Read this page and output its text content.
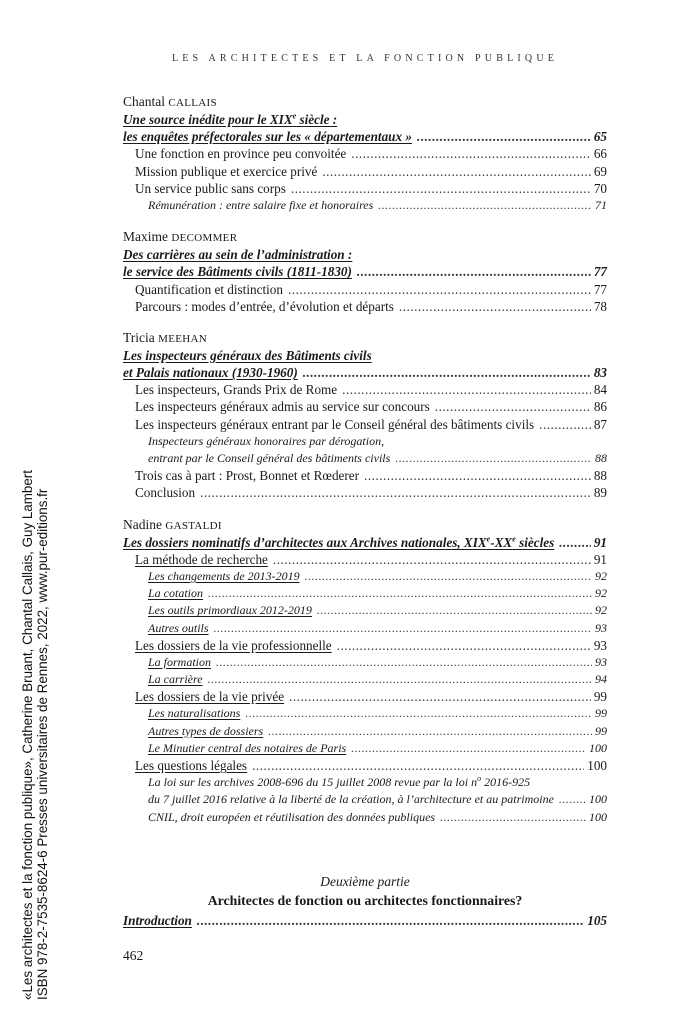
LES ARCHITECTES ET LA FONCTION PUBLIQUE
«Les architectes et la fonction publique», Catherine Bruant, Chantal Callais, Guy Lambert ISBN 978-2-7535-8624-6 Presses universitaires de Rennes, 2022, www.pur-editions.fr
Chantal CALLAIS
Une source inédite pour le XIXe siècle :
les enquêtes préfectorales sur les « départementaux » .....	65
Une fonction en province peu convoitée .....	66
Mission publique et exercice privé .....	69
Un service public sans corps .....	70
Rémunération : entre salaire fixe et honoraires .....	71
Maxime DECOMMER
Des carrières au sein de l’administration :
le service des Bâtiments civils (1811-1830) .....	77
Quantification et distinction .....	77
Parcours : modes d’entrée, d’évolution et départs .....	78
Tricia MEEHAN
Les inspecteurs généraux des Bâtiments civils
et Palais nationaux (1930-1960) .....	83
Les inspecteurs, Grands Prix de Rome .....	84
Les inspecteurs généraux admis au service sur concours .....	86
Les inspecteurs généraux entrant par le Conseil général des bâtiments civils .....	87
Inspecteurs généraux honoraires par dérogation,
entrant par le Conseil général des bâtiments civils .....	88
Trois cas à part : Prost, Bonnet et Rœderer .....	88
Conclusion .....	89
Nadine GASTALDI
Les dossiers nominatifs d’architectes aux Archives nationales, XIXe-XXe siècles .....	91
La méthode de recherche .....	91
Les changements de 2013-2019 .....	92
La cotation .....	92
Les outils primordiaux 2012-2019 .....	92
Autres outils .....	93
Les dossiers de la vie professionnelle .....	93
La formation .....	93
La carrière .....	94
Les dossiers de la vie privée .....	99
Les naturalisations .....	99
Autres types de dossiers .....	99
Le Minutier central des notaires de Paris .....	100
Les questions légales .....	100
La loi sur les archives 2008-696 du 15 juillet 2008 revue par la loi $n^o$ 2016-925
du 7 juillet 2016 relative à la liberté de la création, à l’architecture et au patrimoine .....	100
CNIL, droit européen et réutilisation des données publiques .....	100
Deuxième partie
Architectes de fonction ou architectes fonctionnaires?
Introduction .....	105
462
